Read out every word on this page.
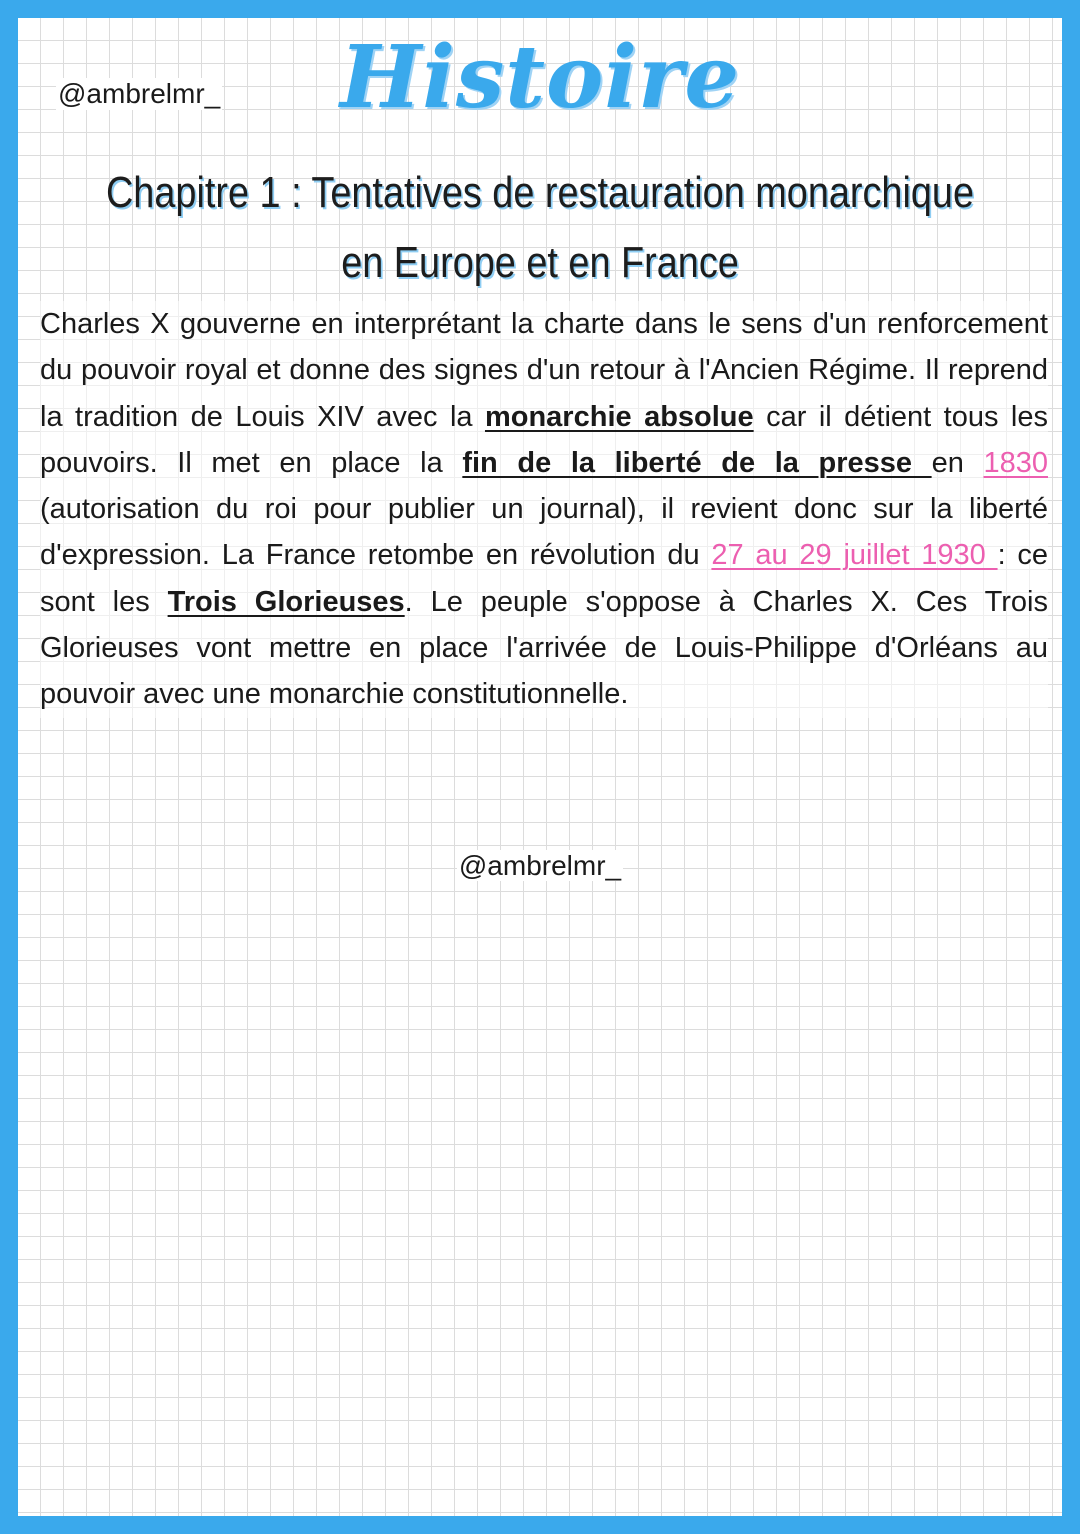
@ambrelmr_	Histoire
Chapitre 1 : Tentatives de restauration monarchique en Europe et en France
Charles X gouverne en interprétant la charte dans le sens d'un renforcement du pouvoir royal et donne des signes d'un retour à l'Ancien Régime. Il reprend la tradition de Louis XIV avec la monarchie absolue car il détient tous les pouvoirs. Il met en place la fin de la liberté de la presse en 1830 (autorisation du roi pour publier un journal), il revient donc sur la liberté d'expression. La France retombe en révolution du 27 au 29 juillet 1930 : ce sont les Trois Glorieuses. Le peuple s'oppose à Charles X. Ces Trois Glorieuses vont mettre en place l'arrivée de Louis-Philippe d'Orléans au pouvoir avec une monarchie constitutionnelle.
@ambrelmr_
